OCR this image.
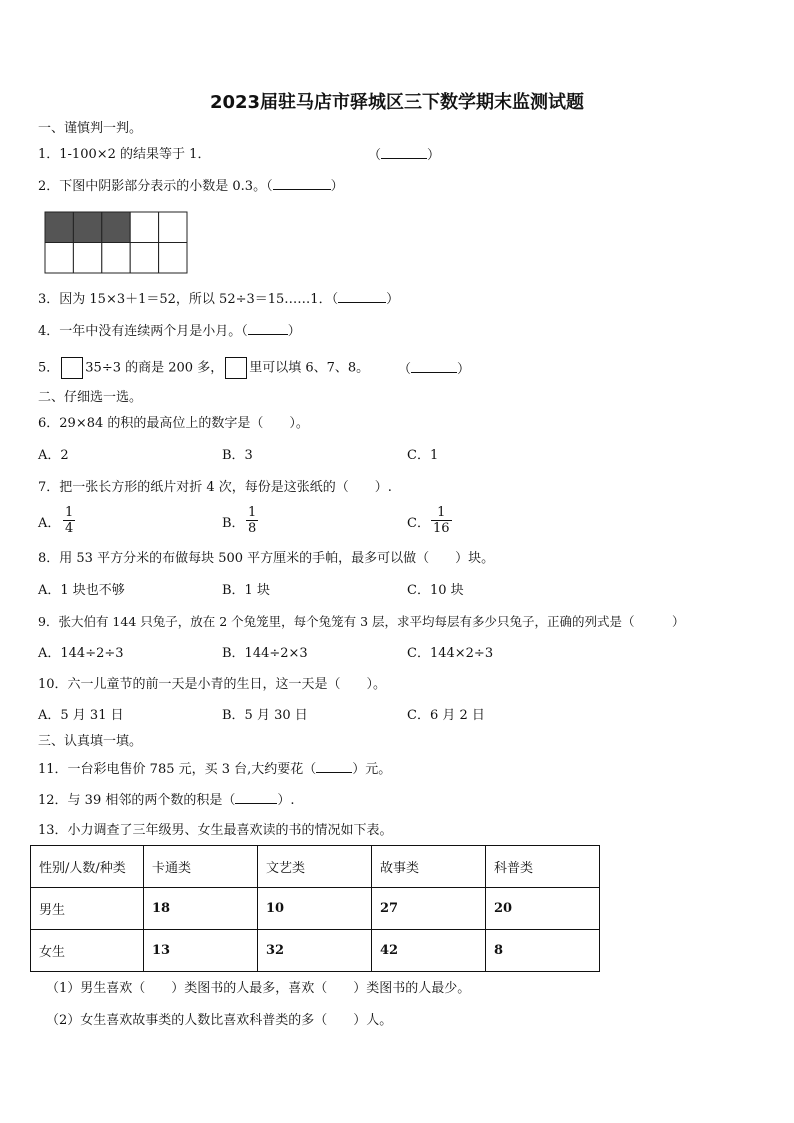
2023届驻马店市驿城区三下数学期末监测试题
一、谨慎判一判。
1．1-100×2 的结果等于 1．	（	）
2．下图中阴影部分表示的小数是 0.3。（	）
3．因为 15×3＋1＝52，所以 52÷3＝15……1．（	）
4．一年中没有连续两个月是小月。（	）
5． 35÷3 的商是 200 多， 里可以填 6、7、8。 （	）
二、仔细选一选。
6．29×84 的积的最高位上的数字是（　　）。
A．2	B．3	C．1
7．把一张长方形的纸片对折 4 次，每份是这张纸的（　　）.
A．
1
4	B．
1
8	C．
1
16
8．用 53 平方分米的布做每块 500 平方厘米的手帕，最多可以做（　　）块。
A．1 块也不够	B．1 块	C．10 块
9．张大伯有 144 只兔子，放在 2 个兔笼里，每个兔笼有 3 层，求平均每层有多少只兔子，正确的列式是（　　　）
A．144÷2÷3	B．144÷2×3	C．144×2÷3
10．六一儿童节的前一天是小青的生日，这一天是（　　）。
A．5 月 31 日	B．5 月 30 日	C．6 月 2 日
三、认真填一填。
11．一台彩电售价 785 元，买 3 台,大约要花（	）元。
12．与 39 相邻的两个数的积是（	）.
13．小力调查了三年级男、女生最喜欢读的书的情况如下表。
性别/人数/种类	卡通类	文艺类	故事类	科普类
男生	18	10	27	20
女生	13	32	42	8
（1）男生喜欢（　　）类图书的人最多，喜欢（　　）类图书的人最少。
（2）女生喜欢故事类的人数比喜欢科普类的多（　　）人。
